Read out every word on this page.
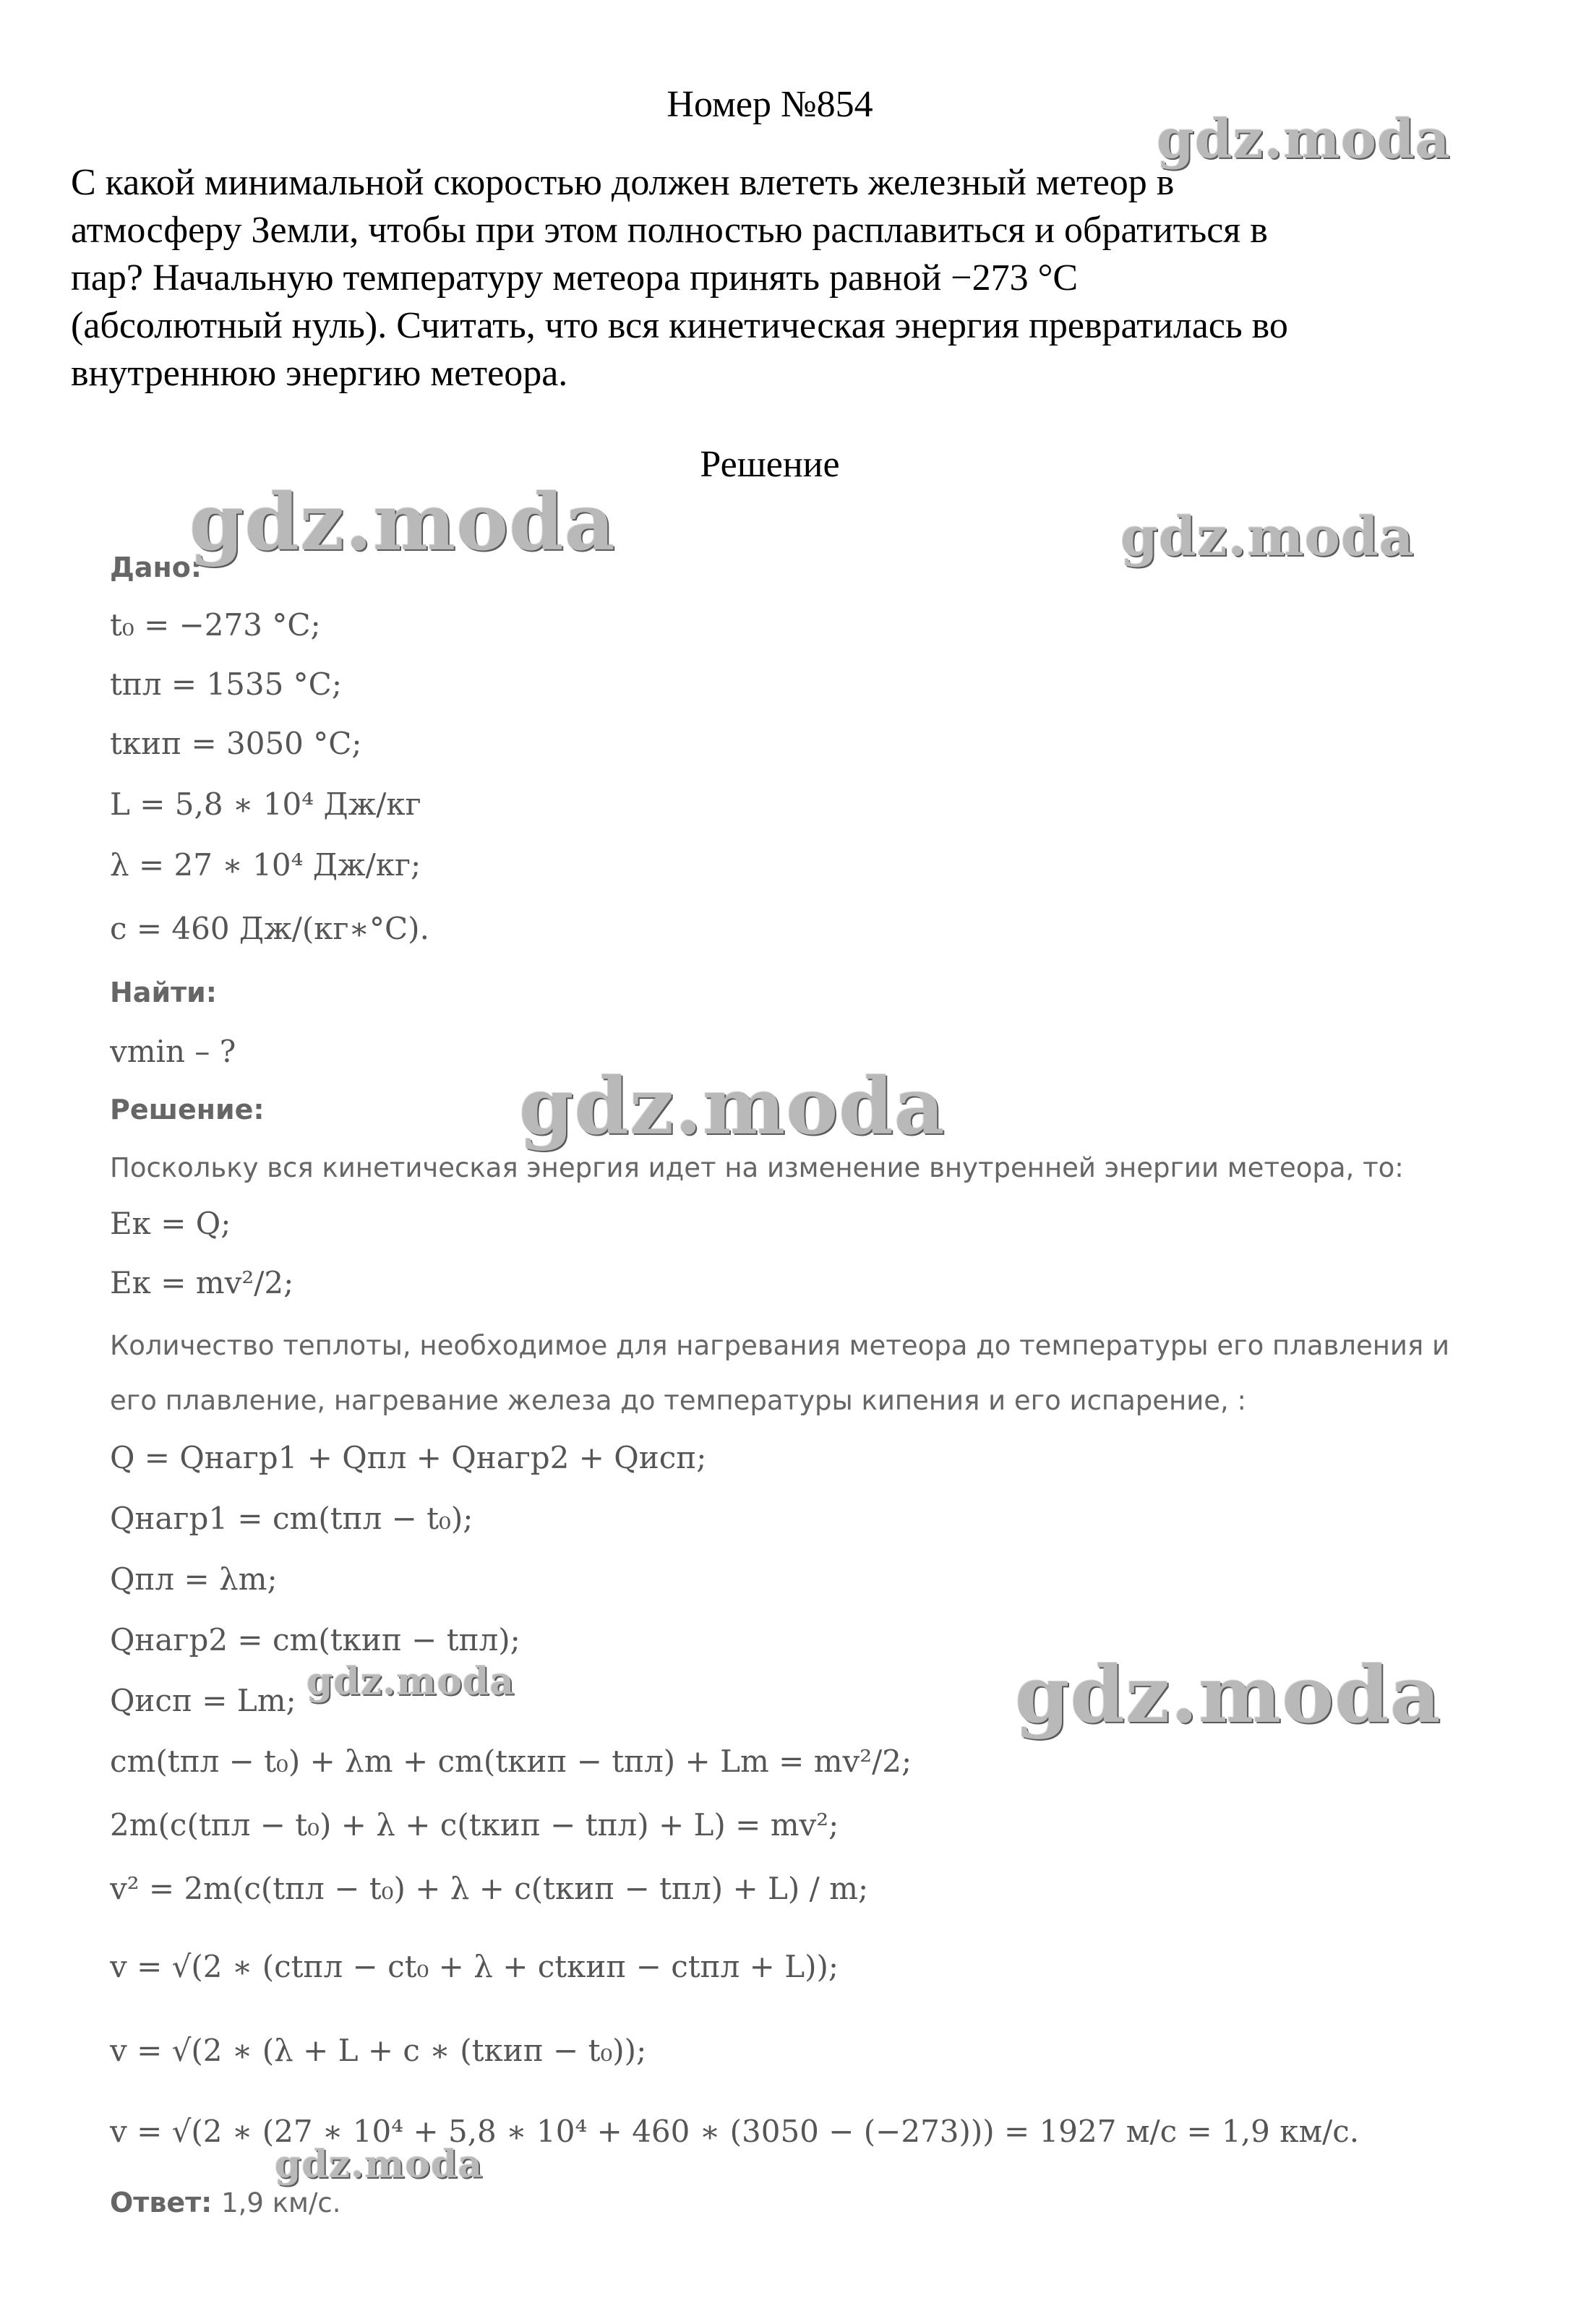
Номер №854
С какой минимальной скоростью должен влететь железный метеор в
атмосферу Земли, чтобы при этом полностью расплавиться и обратиться в
пар? Начальную температуру метеора принять равной −273 °С
(абсолютный нуль). Считать, что вся кинетическая энергия превратилась во
внутреннюю энергию метеора.
Решение
Дано:
t₀ = −273 °С;
tпл = 1535 °С;
tкип = 3050 °С;
L = 5,8 ∗ 10⁴ Дж/кг
λ = 27 ∗ 10⁴ Дж/кг;
c = 460 Дж/(кг∗°С).
Найти:
vmin – ?
Решение:
Поскольку вся кинетическая энергия идет на изменение внутренней энергии метеора, то:
Eк = Q;
Eк = mv²/2;
Количество теплоты, необходимое для нагревания метеора до температуры его плавления и
его плавление, нагревание железа до температуры кипения и его испарение, :
Q = Qнагр1 + Qпл + Qнагр2 + Qисп;
Qнагр1 = cm(tпл − t₀);
Qпл = λm;
Qнагр2 = cm(tкип − tпл);
Qисп = Lm;
cm(tпл − t₀) + λm + cm(tкип − tпл) + Lm = mv²/2;
2m(c(tпл − t₀) + λ + c(tкип − tпл) + L) = mv²;
v² = 2m(c(tпл − t₀) + λ + c(tкип − tпл) + L) / m;
v = √(2 ∗ (ctпл − ct₀ + λ + ctкип − ctпл + L));
v = √(2 ∗ (λ + L + c ∗ (tкип − t₀));
v = √(2 ∗ (27 ∗ 10⁴ + 5,8 ∗ 10⁴ + 460 ∗ (3050 − (−273))) = 1927 м/с = 1,9 км/с.
Ответ: 1,9 км/с.
gdz.moda
gdz.moda	gdz.moda
gdz.moda
gdz.moda	gdz.moda
gdz.moda
